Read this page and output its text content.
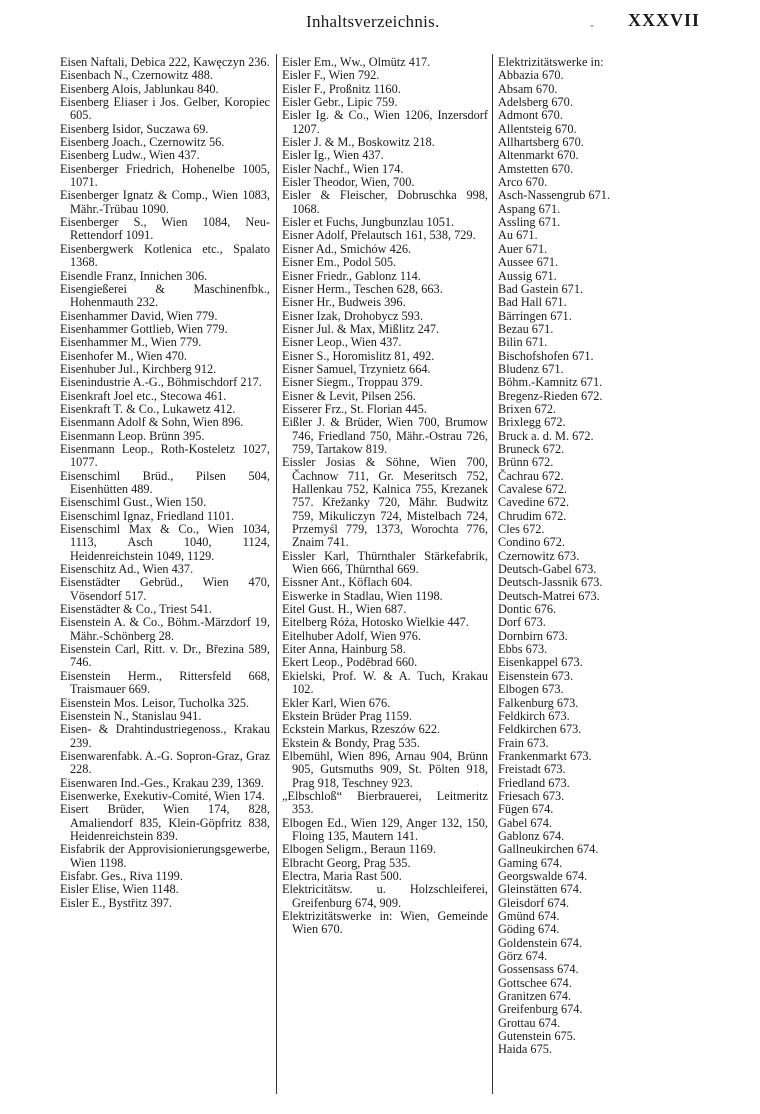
Inhaltsverzeichnis.	- XXXVII

Eisen Naftali, Debica 222, Kawęczyn 236.

Eisenbach N., Czernowitz 488.

Eisenberg Alois, Jablunkau 840.

Eisenberg Eliaser i Jos. Gelber, Koropiec 605.

Eisenberg Isidor, Suczawa 69.

Eisenberg Joach., Czernowitz 56.

Eisenberg Ludw., Wien 437.

Eisenberger Friedrich, Hohenelbe 1005, 1071.

Eisenberger Ignatz & Comp., Wien 1083, Mähr.-Trübau 1090.

Eisenberger S., Wien 1084, Neu-Rettendorf 1091.

Eisenbergwerk Kotlenica etc., Spalato 1368.

Eisendle Franz, Innichen 306.

Eisengießerei & Maschinenfbk., Hohenmauth 232.

Eisenhammer David, Wien 779.

Eisenhammer Gottlieb, Wien 779.

Eisenhammer M., Wien 779.

Eisenhofer M., Wien 470.

Eisenhuber Jul., Kirchberg 912.

Eisenindustrie A.-G., Böhmischdorf 217.

Eisenkraft Joel etc., Stecowa 461.

Eisenkraft T. & Co., Lukawetz 412.

Eisenmann Adolf & Sohn, Wien 896.

Eisenmann Leop. Brünn 395.

Eisenmann Leop., Roth-Kosteletz 1027, 1077.

Eisenschiml Brüd., Pilsen 504, Eisenhütten 489.

Eisenschiml Gust., Wien 150.

Eisenschiml Ignaz, Friedland 1101.

Eisenschiml Max & Co., Wien 1034, 1113, Asch 1040, 1124, Heidenreichstein 1049, 1129.

Eisenschitz Ad., Wien 437.

Eisenstädter Gebrüd., Wien 470, Vösendorf 517.

Eisenstädter & Co., Triest 541.

Eisenstein A. & Co., Böhm.-Märzdorf 19, Mähr.-Schönberg 28.

Eisenstein Carl, Ritt. v. Dr., Březina 589, 746.

Eisenstein Herm., Rittersfeld 668, Traismauer 669.

Eisenstein Mos. Leisor, Tucholka 325.

Eisenstein N., Stanislau 941.

Eisen- & Drahtindustriegenoss., Krakau 239.

Eisenwarenfabk. A.-G. Sopron-Graz, Graz 228.

Eisenwaren Ind.-Ges., Krakau 239, 1369.

Eisenwerke, Exekutiv-Comité, Wien 174.

Eisert Brüder, Wien 174, 828, Amaliendorf 835, Klein-Göpfritz 838, Heidenreichstein 839.

Eisfabrik der Approvisionierungsgewerbe, Wien 1198.

Eisfabr. Ges., Riva 1199.

Eisler Elise, Wien 1148.

Eisler E., Bystřitz 397.

Eisler Em., Ww., Olmütz 417.

Eisler F., Wien 792.

Eisler F., Proßnitz 1160.

Eisler Gebr., Lipic 759.

Eisler Ig. & Co., Wien 1206, Inzersdorf 1207.

Eisler J. & M., Boskowitz 218.

Eisler Ig., Wien 437.

Eisler Nachf., Wien 174.

Eisler Theodor, Wien, 700.

Eisler & Fleischer, Dobruschka 998, 1068.

Eisler et Fuchs, Jungbunzlau 1051.

Eisner Adolf, Přelautsch 161, 538, 729.

Eisner Ad., Smichów 426.

Eisner Em., Podol 505.

Eisner Friedr., Gablonz 114.

Eisner Herm., Teschen 628, 663.

Eisner Hr., Budweis 396.

Eisner Izak, Drohobycz 593.

Eisner Jul. & Max, Mißlitz 247.

Eisner Leop., Wien 437.

Eisner S., Horomislitz 81, 492.

Eisner Samuel, Trzynietz 664.

Eisner Siegm., Troppau 379.

Eisner & Levit, Pilsen 256.

Eisserer Frz., St. Florian 445.

Eißler J. & Brüder, Wien 700, Brumow 746, Friedland 750, Mähr.-Ostrau 726, 759, Tartakow 819.

Eissler Josias & Söhne, Wien 700, Čachnow 711, Gr. Meseritsch 752, Hallenkau 752, Kalnica 755, Krezanek 757. Křežanky 720, Mähr. Budwitz 759, Mikuliczyn 724, Mistelbach 724, Przemyśl 779, 1373, Worochta 776, Znaim 741.

Eissler Karl, Thürnthaler Stärkefabrik, Wien 666, Thürnthal 669.

Eissner Ant., Köflach 604.

Eiswerke in Stadlau, Wien 1198.

Eitel Gust. H., Wien 687.

Eitelberg Róża, Hotosko Wielkie 447.

Eitelhuber Adolf, Wien 976.

Eiter Anna, Hainburg 58.

Ekert Leop., Poděbrad 660.

Ekielski, Prof. W. & A. Tuch, Krakau 102.

Ekler Karl, Wien 676.

Ekstein Brüder Prag 1159.

Eckstein Markus, Rzeszów 622.

Ekstein & Bondy, Prag 535.

Elbemühl, Wien 896, Arnau 904, Brünn 905, Gutsmuths 909, St. Pölten 918, Prag 918, Teschney 923.

„Elbschloß“ Bierbrauerei, Leitmeritz 353.

Elbogen Ed., Wien 129, Anger 132, 150, Floing 135, Mautern 141.

Elbogen Seligm., Beraun 1169.

Elbracht Georg, Prag 535.

Electra, Maria Rast 500.

Elektricitätsw. u. Holzschleiferei, Greifenburg 674, 909.

Elektrizitätswerke in: Wien, Gemeinde Wien 670.

Elektrizitätswerke in:

Abbazia 670.

Absam 670.

Adelsberg 670.

Admont 670.

Allentsteig 670.

Allhartsberg 670.

Altenmarkt 670.

Amstetten 670.

Arco 670.

Asch-Nassengrub 671.

Aspang 671.

Assling 671.

Au 671.

Auer 671.

Aussee 671.

Aussig 671.

Bad Gastein 671.

Bad Hall 671.

Bärringen 671.

Bezau 671.

Bilin 671.

Bischofshofen 671.

Bludenz 671.

Böhm.-Kamnitz 671.

Bregenz-Rieden 672.

Brixen 672.

Brixlegg 672.

Bruck a. d. M. 672.

Bruneck 672.

Brünn 672.

Čachrau 672.

Cavalese 672.

Cavedine 672.

Chrudim 672.

Cles 672.

Condino 672.

Czernowitz 673.

Deutsch-Gabel 673.

Deutsch-Jassnik 673.

Deutsch-Matrei 673.

Dontic 676.

Dorf 673.

Dornbirn 673.

Ebbs 673.

Eisenkappel 673.

Eisenstein 673.

Elbogen 673.

Falkenburg 673.

Feldkirch 673.

Feldkirchen 673.

Frain 673.

Frankenmarkt 673.

Freistadt 673.

Friedland 673.

Friesach 673.

Fügen 674.

Gabel 674.

Gablonz 674.

Gallneukirchen 674.

Gaming 674.

Georgswalde 674.

Gleinstätten 674.

Gleisdorf 674.

Gmünd 674.

Göding 674.

Goldenstein 674.

Görz 674.

Gossensass 674.

Gottschee 674.

Granitzen 674.

Greifenburg 674.

Grottau 674.

Gutenstein 675.

Haida 675.
